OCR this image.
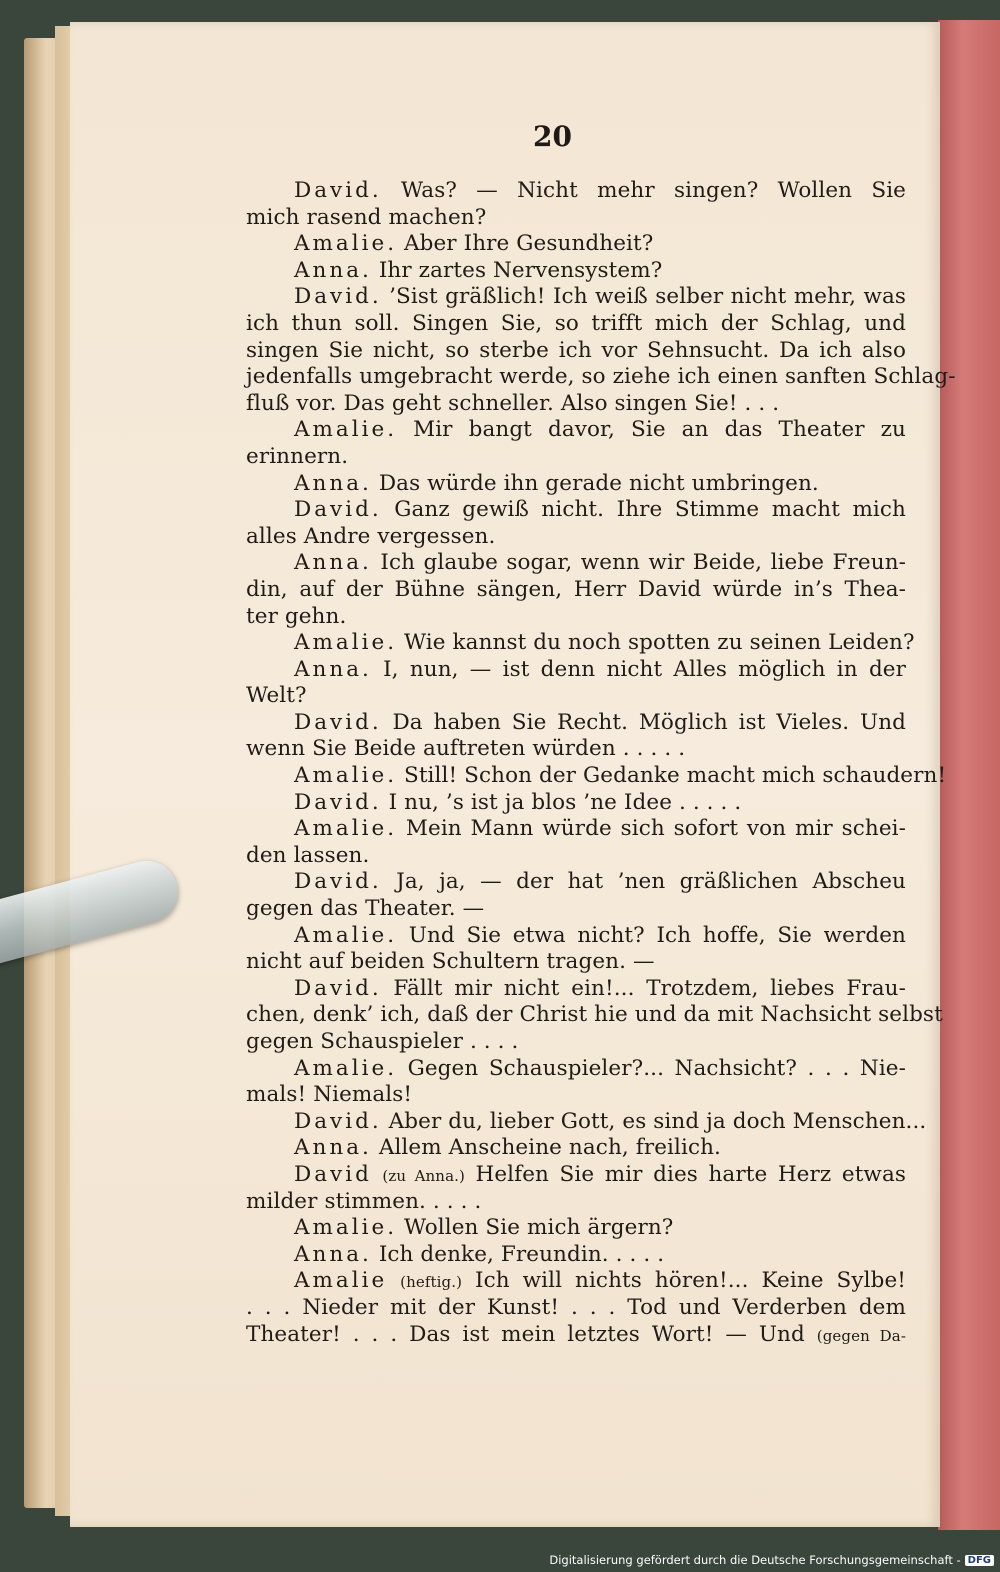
20
David. Was? — Nicht mehr singen? Wollen Sie
mich rasend machen?
Amalie. Aber Ihre Gesundheit?
Anna. Ihr zartes Nervensystem?
David. ’Sist gräßlich! Ich weiß selber nicht mehr, was
ich thun soll. Singen Sie, so trifft mich der Schlag, und
singen Sie nicht, so sterbe ich vor Sehnsucht. Da ich also
jedenfalls umgebracht werde, so ziehe ich einen sanften Schlag-
fluß vor. Das geht schneller. Also singen Sie! . . .
Amalie. Mir bangt davor, Sie an das Theater zu
erinnern.
Anna. Das würde ihn gerade nicht umbringen.
David. Ganz gewiß nicht. Ihre Stimme macht mich
alles Andre vergessen.
Anna. Ich glaube sogar, wenn wir Beide, liebe Freun-
din, auf der Bühne sängen, Herr David würde in’s Thea-
ter gehn.
Amalie. Wie kannst du noch spotten zu seinen Leiden?
Anna. I, nun, — ist denn nicht Alles möglich in der
Welt?
David. Da haben Sie Recht. Möglich ist Vieles. Und
wenn Sie Beide auftreten würden . . . . .
Amalie. Still! Schon der Gedanke macht mich schaudern!
David. I nu, ’s ist ja blos ’ne Idee . . . . .
Amalie. Mein Mann würde sich sofort von mir schei-
den lassen.
David. Ja, ja, — der hat ’nen gräßlichen Abscheu
gegen das Theater. —
Amalie. Und Sie etwa nicht? Ich hoffe, Sie werden
nicht auf beiden Schultern tragen. —
David. Fällt mir nicht ein!... Trotzdem, liebes Frau-
chen, denk’ ich, daß der Christ hie und da mit Nachsicht selbst
gegen Schauspieler . . . .
Amalie. Gegen Schauspieler?... Nachsicht? . . . Nie-
mals! Niemals!
David. Aber du, lieber Gott, es sind ja doch Menschen...
Anna. Allem Anscheine nach, freilich.
David (zu Anna.) Helfen Sie mir dies harte Herz etwas
milder stimmen. . . . .
Amalie. Wollen Sie mich ärgern?
Anna. Ich denke, Freundin. . . . .
Amalie (heftig.) Ich will nichts hören!... Keine Sylbe!
. . . Nieder mit der Kunst! . . . Tod und Verderben dem
Theater! . . . Das ist mein letztes Wort! — Und (gegen Da-
Digitalisierung gefördert durch die Deutsche Forschungsgemeinschaft - DFG
